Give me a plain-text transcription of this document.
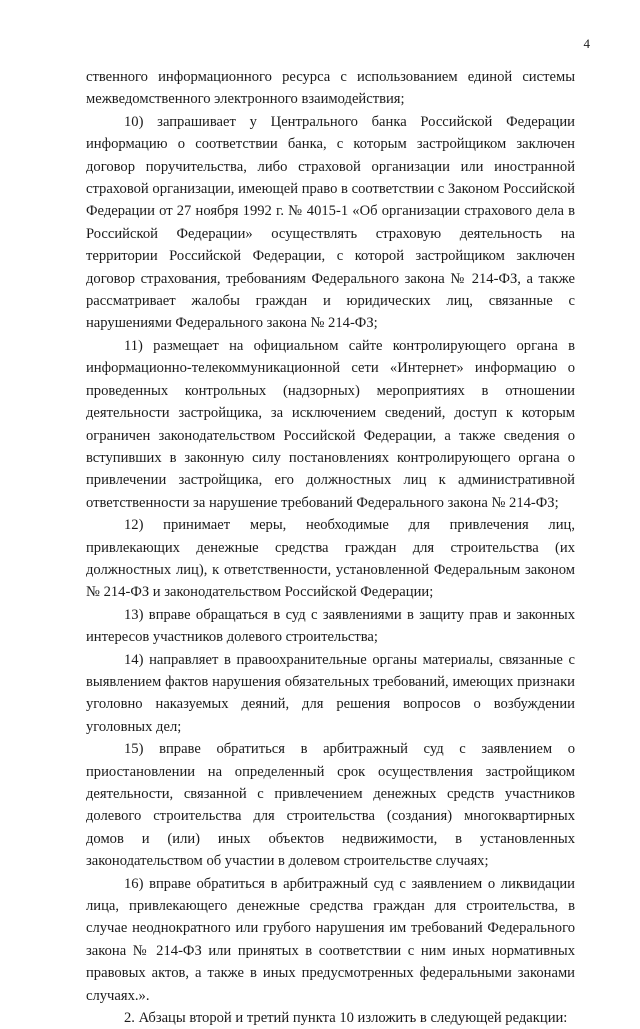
4

ственного информационного ресурса с использованием единой системы межведомственного электронного взаимодействия;

10) запрашивает у Центрального банка Российской Федерации информацию о соответствии банка, с которым застройщиком заключен договор поручительства, либо страховой организации или иностранной страховой организации, имеющей право в соответствии с Законом Российской Федерации от 27 ноября 1992 г. № 4015-1 «Об организации страхового дела в Российской Федерации» осуществлять страховую деятельность на территории Российской Федерации, с которой застройщиком заключен договор страхования, требованиям Федерального закона № 214-ФЗ, а также рассматривает жалобы граждан и юридических лиц, связанные с нарушениями Федерального закона № 214-ФЗ;

11) размещает на официальном сайте контролирующего органа в информационно-телекоммуникационной сети «Интернет» информацию о проведенных контрольных (надзорных) мероприятиях в отношении деятельности застройщика, за исключением сведений, доступ к которым ограничен законодательством Российской Федерации, а также сведения о вступивших в законную силу постановлениях контролирующего органа о привлечении застройщика, его должностных лиц к административной ответственности за нарушение требований Федерального закона № 214-ФЗ;

12) принимает меры, необходимые для привлечения лиц, привлекающих денежные средства граждан для строительства (их должностных лиц), к ответственности, установленной Федеральным законом № 214-ФЗ и законодательством Российской Федерации;

13) вправе обращаться в суд с заявлениями в защиту прав и законных интересов участников долевого строительства;

14) направляет в правоохранительные органы материалы, связанные с выявлением фактов нарушения обязательных требований, имеющих признаки уголовно наказуемых деяний, для решения вопросов о возбуждении уголовных дел;

15) вправе обратиться в арбитражный суд с заявлением о приостановлении на определенный срок осуществления застройщиком деятельности, связанной с привлечением денежных средств участников долевого строительства для строительства (создания) многоквартирных домов и (или) иных объектов недвижимости, в установленных законодательством об участии в долевом строительстве случаях;

16) вправе обратиться в арбитражный суд с заявлением о ликвидации лица, привлекающего денежные средства граждан для строительства, в случае неоднократного или грубого нарушения им требований Федерального закона № 214-ФЗ или принятых в соответствии с ним иных нормативных правовых актов, а также в иных предусмотренных федеральными законами случаях.».

2. Абзацы второй и третий пункта 10 изложить в следующей редакции:
